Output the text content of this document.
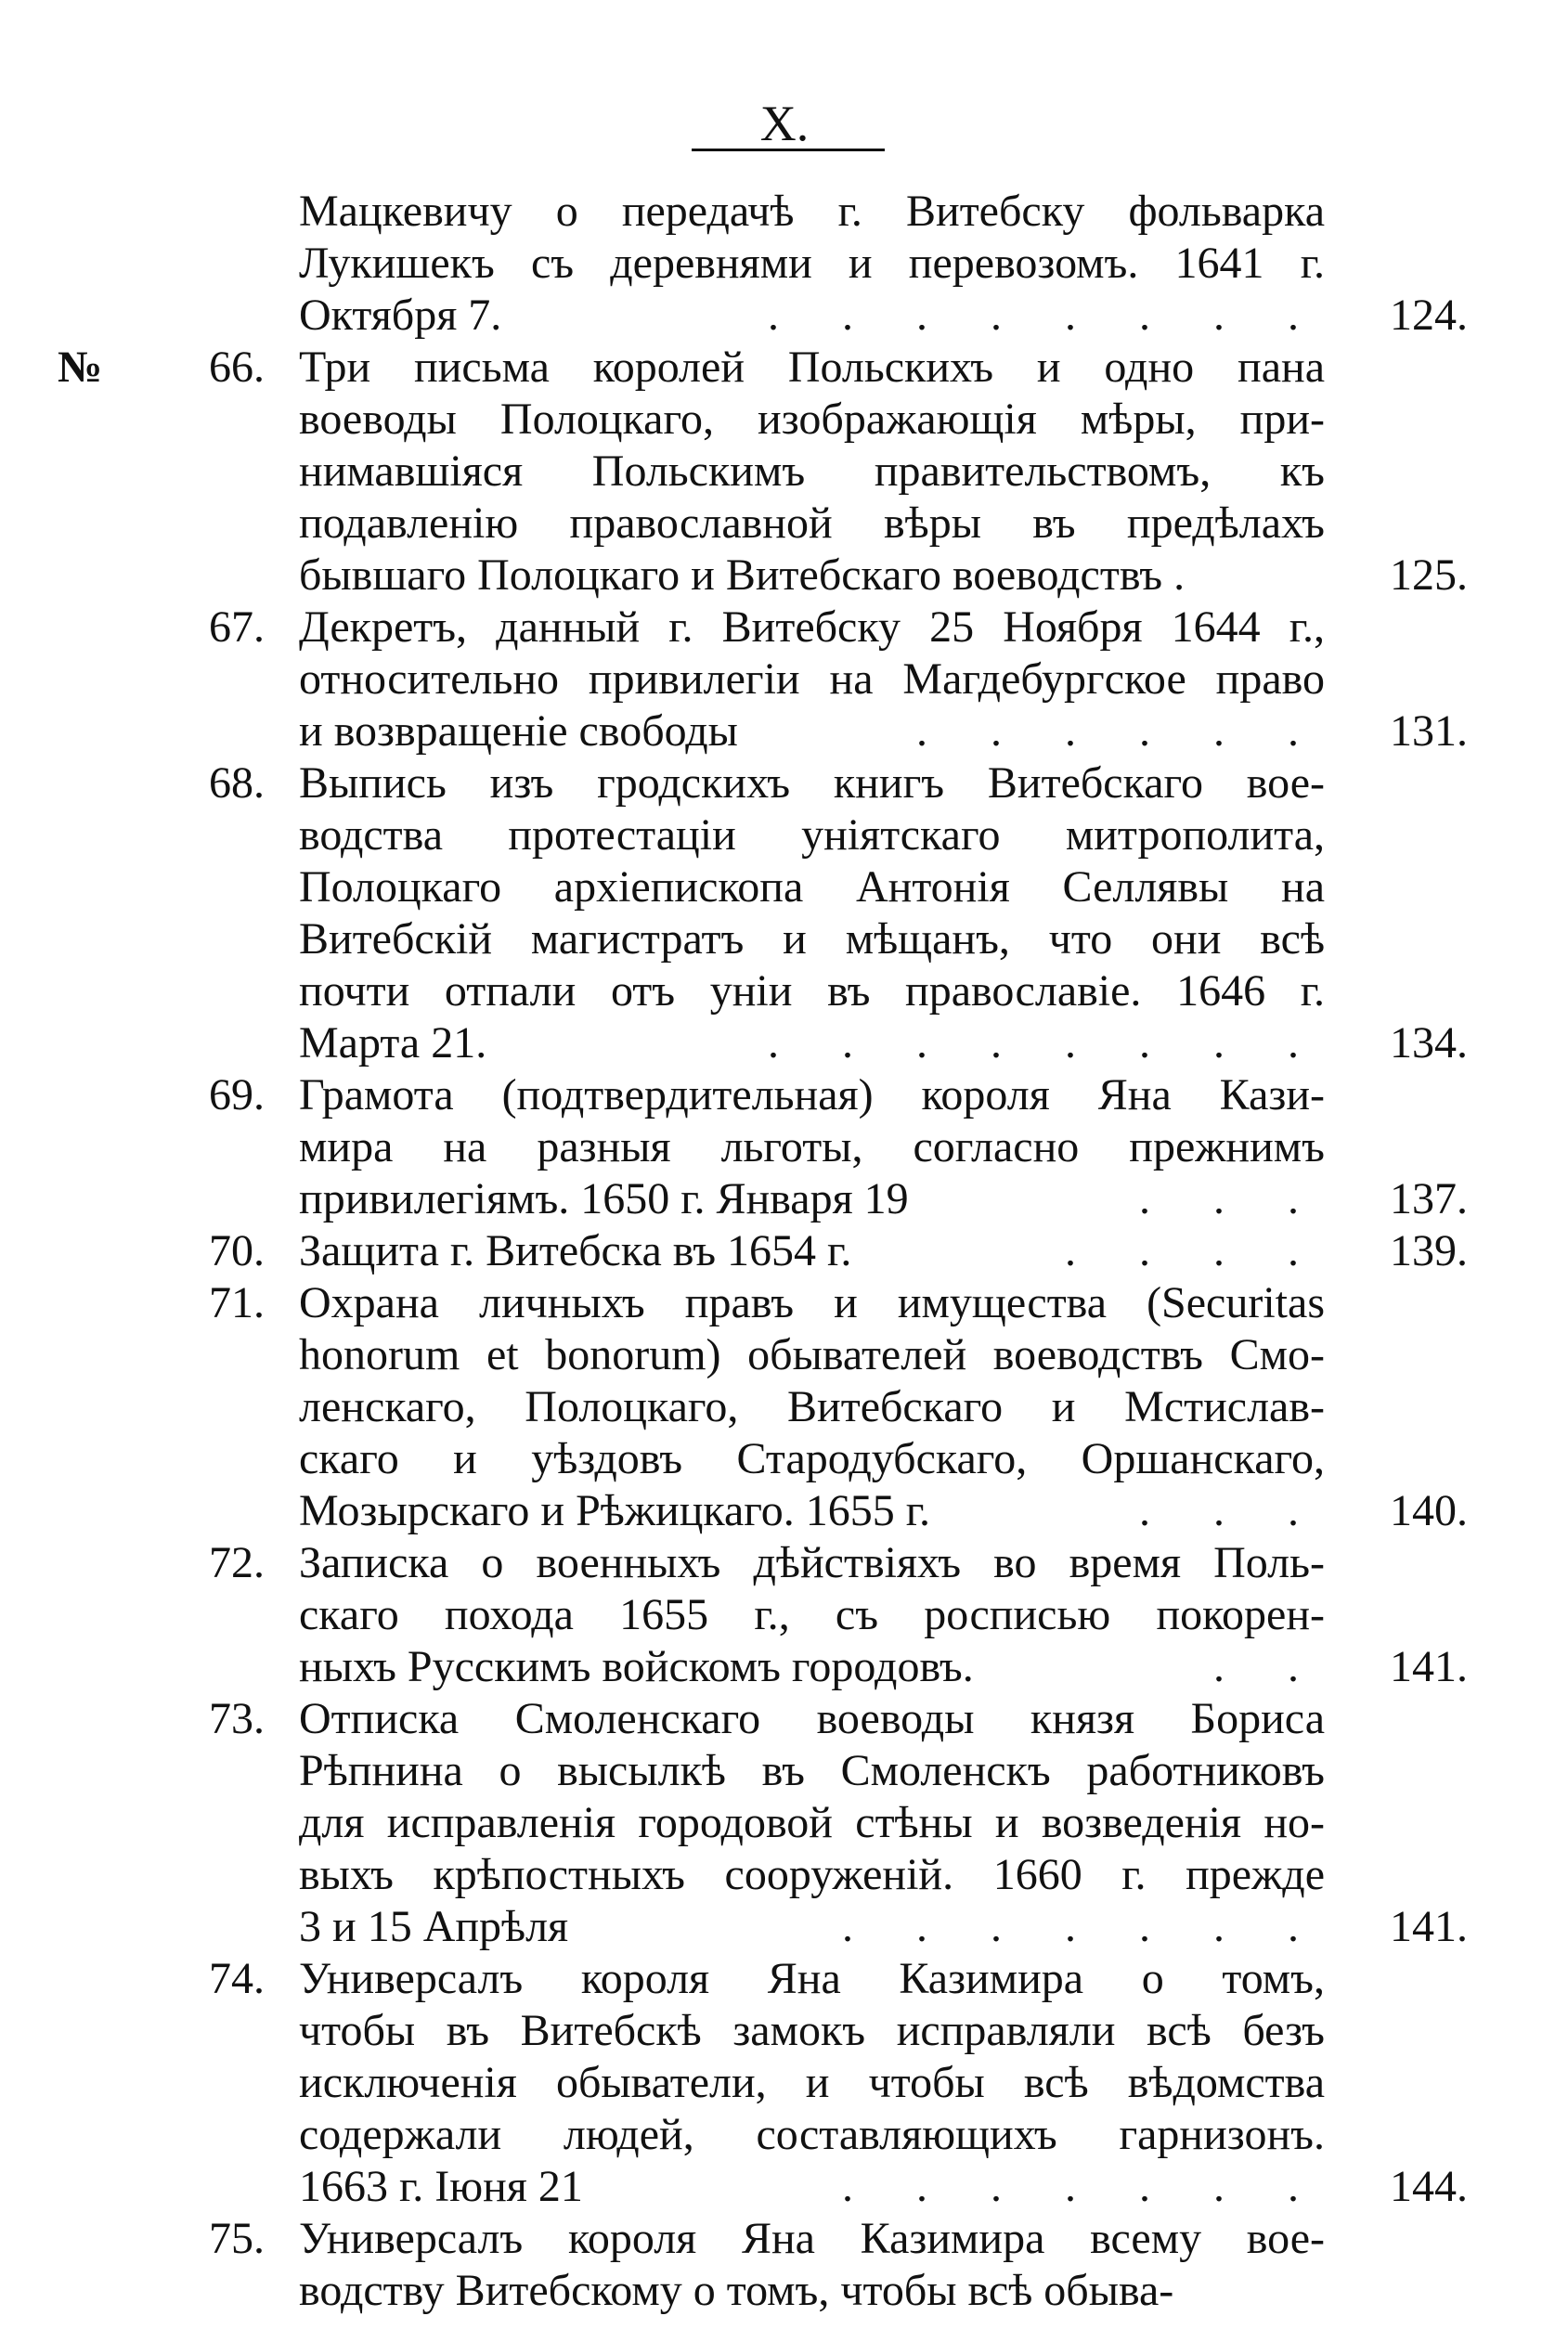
X.
Мацкевичу о передачѣ г. Витебску фольварка
Лукишекъ съ деревнями и перевозомъ. 1641 г.
Октября 7.	. . . . . . . .	124.
№	66. Три письма королей Польскихъ и одно пана
воеводы Полоцкаго, изображающія мѣры, при-
нимавшіяся Польскимъ правительствомъ, къ
подавленію православной вѣры въ предѣлахъ
бывшаго Полоцкаго и Витебскаго воеводствъ .	125.
67. Декретъ, данный г. Витебску 25 Ноября 1644 г.,
относительно привилегіи на Магдебургское право
и возвращеніе свободы	. . . . . .	131.
68. Выпись изъ гродскихъ книгъ Витебскаго вое-
водства протестаціи уніятскаго митрополита,
Полоцкаго архіепископа Антонія Селлявы на
Витебскій магистратъ и мѣщанъ, что они всѣ
почти отпали отъ уніи въ православіе. 1646 г.
Марта 21.	. . . . . . . .	134.
69. Грамота (подтвердительная) короля Яна Кази-
мира на разныя льготы, согласно прежнимъ
привилегіямъ. 1650 г. Января 19	. . .	137.
70. Защита г. Витебска въ 1654 г.	. . . .	139.
71. Охрана личныхъ правъ и имущества (Securitas
honorum et bonorum) обывателей воеводствъ Смо-
ленскаго, Полоцкаго, Витебскаго и Мстислав-
скаго и уѣздовъ Стародубскаго, Оршанскаго,
Мозырскаго и Рѣжицкаго. 1655 г.	. . .	140.
72. Записка о военныхъ дѣйствіяхъ во время Поль-
скаго похода 1655 г., съ росписью покорен-
ныхъ Русскимъ войскомъ городовъ.	. .	141.
73. Отписка Смоленскаго воеводы князя Бориса
Рѣпнина о высылкѣ въ Смоленскъ работниковъ
для исправленія городовой стѣны и возведенія но-
выхъ крѣпостныхъ сооруженій. 1660 г. прежде
3 и 15 Апрѣля	. . . . . . .	141.
74. Универсалъ короля Яна Казимира о томъ,
чтобы въ Витебскѣ замокъ исправляли всѣ безъ
исключенія обыватели, и чтобы всѣ вѣдомства
содержали людей, составляющихъ гарнизонъ.
1663 г. Іюня 21	. . . . . . .	144.
75. Универсалъ короля Яна Казимира всему вое-
водству Витебскому о томъ, чтобы всѣ обыва-
